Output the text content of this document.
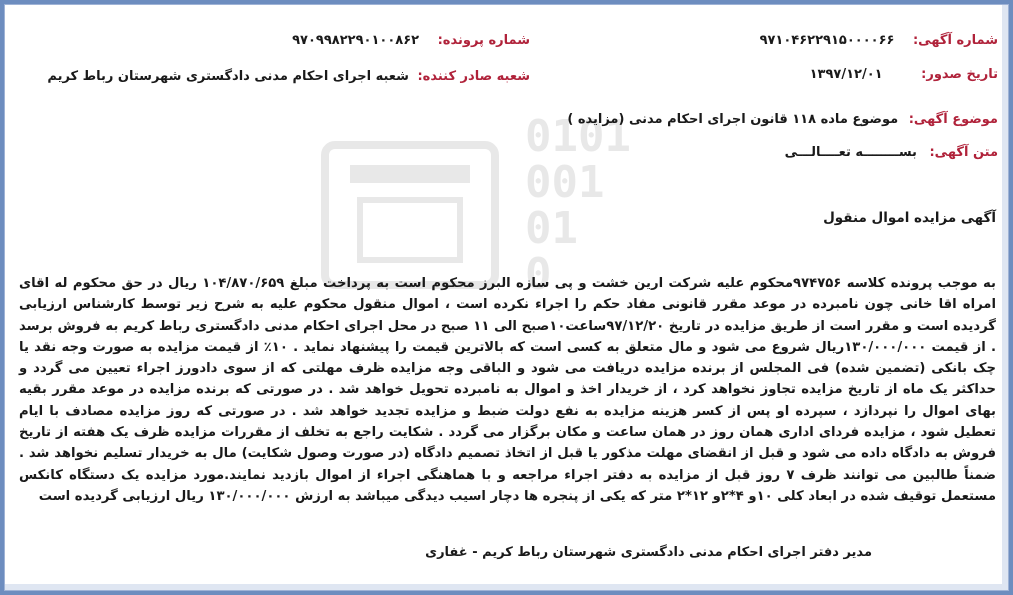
0101
001
01
0
شماره آگهی: ۹۷۱۰۴۶۲۲۹۱۵۰۰۰۰۶۶
شماره پرونده: ۹۷۰۹۹۸۲۲۹۰۱۰۰۸۶۲
تاریخ صدور: ۱۳۹۷/۱۲/۰۱
شعبه صادر کننده: شعبه اجرای احکام مدنی دادگستری شهرستان رباط کریم
موضوع آگهی: موضوع ماده ۱۱۸ قانون اجرای احکام مدنی (مزایده )
متن آگهی: بســــــــه تعــــالـــی
آگهی مزایده اموال منقول
به موجب پرونده کلاسه ۹۷۴۷۵۶محکوم علیه شرکت ارین خشت و پی سازه البرز محکوم است به پرداخت مبلغ ۱۰۴/۸۷۰/۶۵۹ ریال در حق محکوم له اقای امراه اقا خانی چون نامبرده در موعد مقرر قانونی مفاد حکم را اجراء نکرده است ، اموال منقول محکوم علیه به شرح زیر توسط کارشناس ارزیابی گردیده است و مقرر است از طریق مزایده در تاریخ ۹۷/۱۲/۲۰ساعت۱۰صبح الی ۱۱ صبح در محل اجرای احکام مدنی دادگستری رباط کریم به فروش برسد . از قیمت ۱۳۰/۰۰۰/۰۰۰ریال شروع می شود و مال متعلق به کسی است که بالاترین قیمت را پیشنهاد نماید . ۱۰٪ از قیمت مزایده به صورت وجه نقد یا چک بانکی (تضمین شده) فی المجلس از برنده مزایده دریافت می شود و الباقی وجه مزایده ظرف مهلتی که از سوی دادورز اجراء تعیین می گردد و حداکثر یک ماه از تاریخ مزایده تجاوز نخواهد کرد ، از خریدار اخذ و اموال به نامبرده تحویل خواهد شد . در صورتی که برنده مزایده در موعد مقرر بقیه بهای اموال را نپردازد ، سپرده او پس از کسر هزینه مزایده به نفع دولت ضبط و مزایده تجدید خواهد شد . در صورتی که روز مزایده مصادف با ایام تعطیل شود ، مزایده فردای اداری همان روز در همان ساعت و مکان برگزار می گردد . شکایت راجع به تخلف از مقررات مزایده ظرف یک هفته از تاریخ فروش به دادگاه داده می شود و قبل از انقضای مهلت مذکور یا قبل از اتخاذ تصمیم دادگاه (در صورت وصول شکایت) مال به خریدار تسلیم نخواهد شد . ضمناً طالبین می توانند ظرف ۷ روز قبل از مزایده به دفتر اجراء مراجعه و با هماهنگی اجراء از اموال بازدید نمایند.مورد مزایده یک دستگاه کانکس مستعمل توقیف شده در ابعاد کلی ۱۰و ۴*۲و ۱۲*۲ متر که یکی از پنجره ها دچار اسیب دیدگی میباشد به ارزش ۱۳۰/۰۰۰/۰۰۰ ریال ارزیابی گردیده است
مدیر دفتر اجرای احکام مدنی دادگستری شهرستان رباط کریم - غفاری
